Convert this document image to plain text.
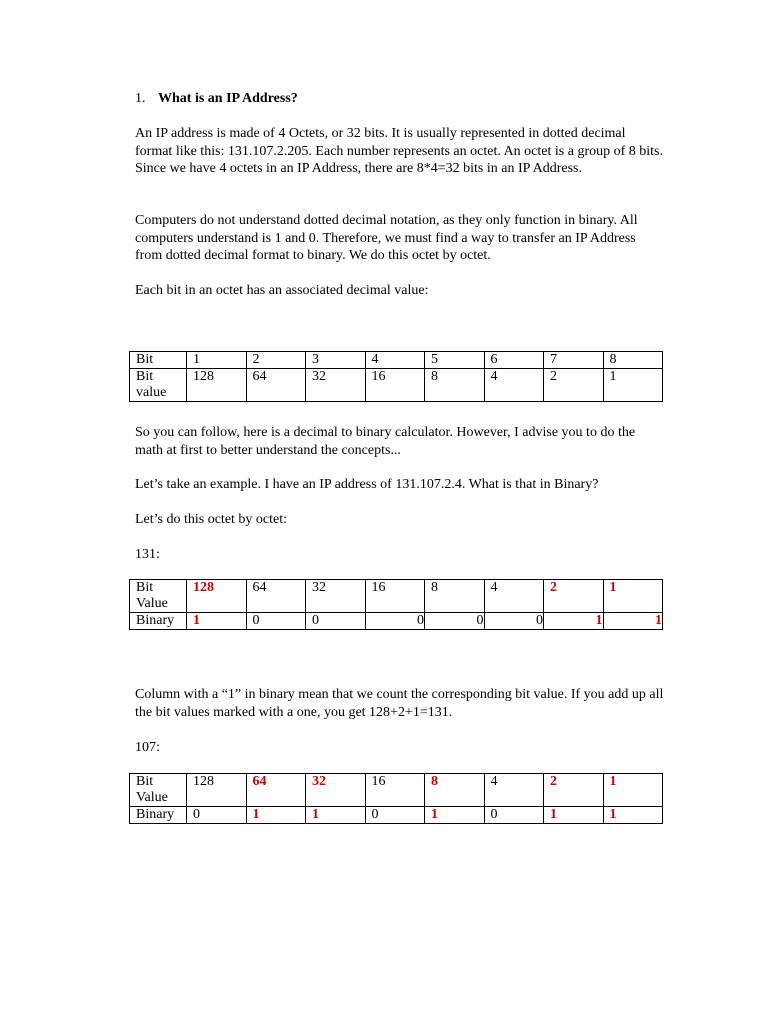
1. What is an IP Address?

An IP address is made of 4 Octets, or 32 bits. It is usually represented in dotted decimal format like this: 131.107.2.205. Each number represents an octet. An octet is a group of 8 bits. Since we have 4 octets in an IP Address, there are 8*4=32 bits in an IP Address.

Computers do not understand dotted decimal notation, as they only function in binary. All computers understand is 1 and 0. Therefore, we must find a way to transfer an IP Address from dotted decimal format to binary. We do this octet by octet.

Each bit in an octet has an associated decimal value:

Bit	1	2	3	4	5	6	7	8
Bit value	128	64	32	16	8	4	2	1

So you can follow, here is a decimal to binary calculator. However, I advise you to do the math at first to better understand the concepts...

Let’s take an example. I have an IP address of 131.107.2.4. What is that in Binary?

Let’s do this octet by octet:

131:

Bit Value	128	64	32	16	8	4	2	1
Binary	1	0	0	0	0	0	1	1

Column with a “1” in binary mean that we count the corresponding bit value. If you add up all the bit values marked with a one, you get 128+2+1=131.

107:

Bit Value	128	64	32	16	8	4	2	1
Binary	0	1	1	0	1	0	1	1
